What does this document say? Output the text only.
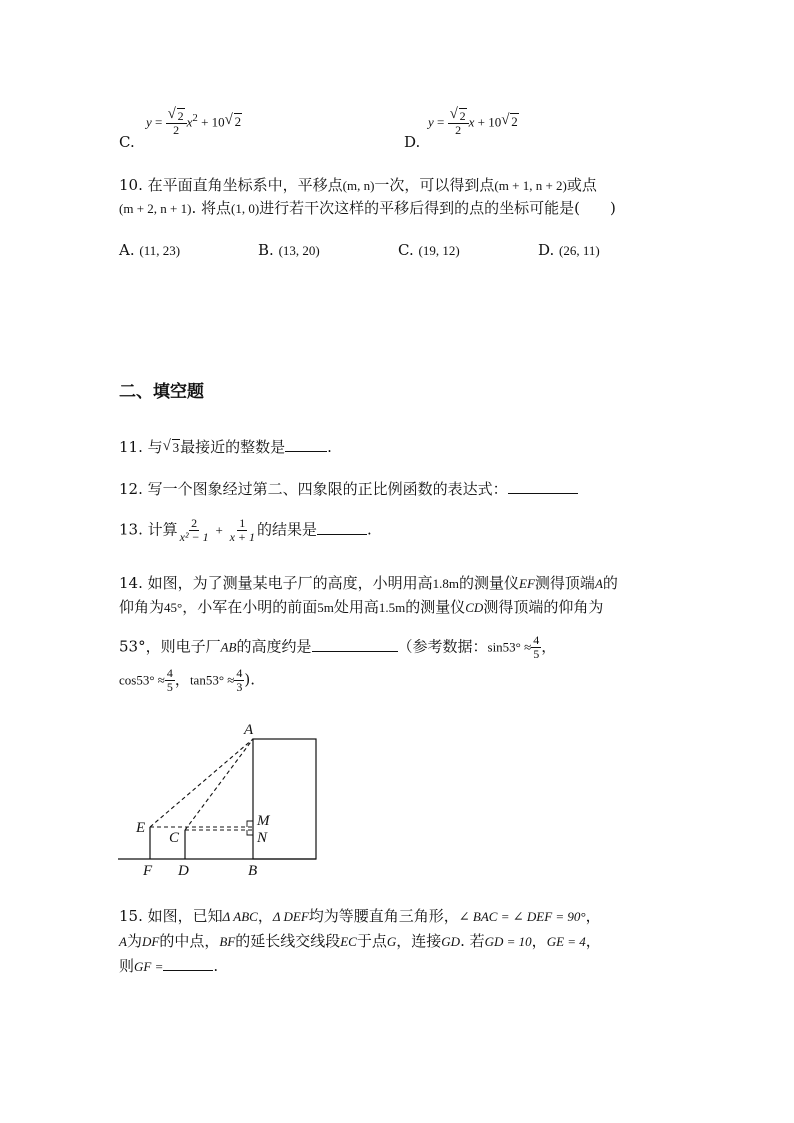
C.
$y = \frac{√ 2}{2} x^2 + 10$ √ 2
D.
$y = \frac{√ 2}{2}$ x + 10 √ 2
10. 在平面直角坐标系中，平移点(m, n)一次，可以得到点(m + 1, n + 2)或点
(m + 2, n + 1). 将点(1, 0)进行若干次这样的平移后得到的点的坐标可能是( )
A. (11, 23)	B. (13, 20)	C. (19, 12)	D. (26, 11)
二、填空题
11. 与 √ 3最接近的整数是	.
12. 写一个图象经过第二、四象限的正比例函数的表达式：
13. 计算 $\frac{2}{\text{x² − 1}} + \frac{1}{x + 1}$ 的结果是	.
14. 如图，为了测量某电子厂的高度，小明用高1.8m的测量仪EF测得顶端A的
仰角为45°，小军在小明的前面5m处用高1.5m的测量仪CD测得顶端的仰角为
53°，则电子厂AB的高度约是	（参考数据：$\sin 53^\circ \approx \frac{4}{5}$ ，
$\cos 53^\circ \approx \frac{4}{5}$ ，$\tan 53^\circ \approx \frac{4}{3}$ ).
A
E
C
M
N
F D	B
15. 如图，已知Δ ABC，Δ DEF均为等腰直角三角形，∠ BAC = ∠ DEF = 90°，
A为DF的中点，BF的延长线交线段EC于点G，连接GD. 若GD = 10，GE = 4，
则GF =	.
